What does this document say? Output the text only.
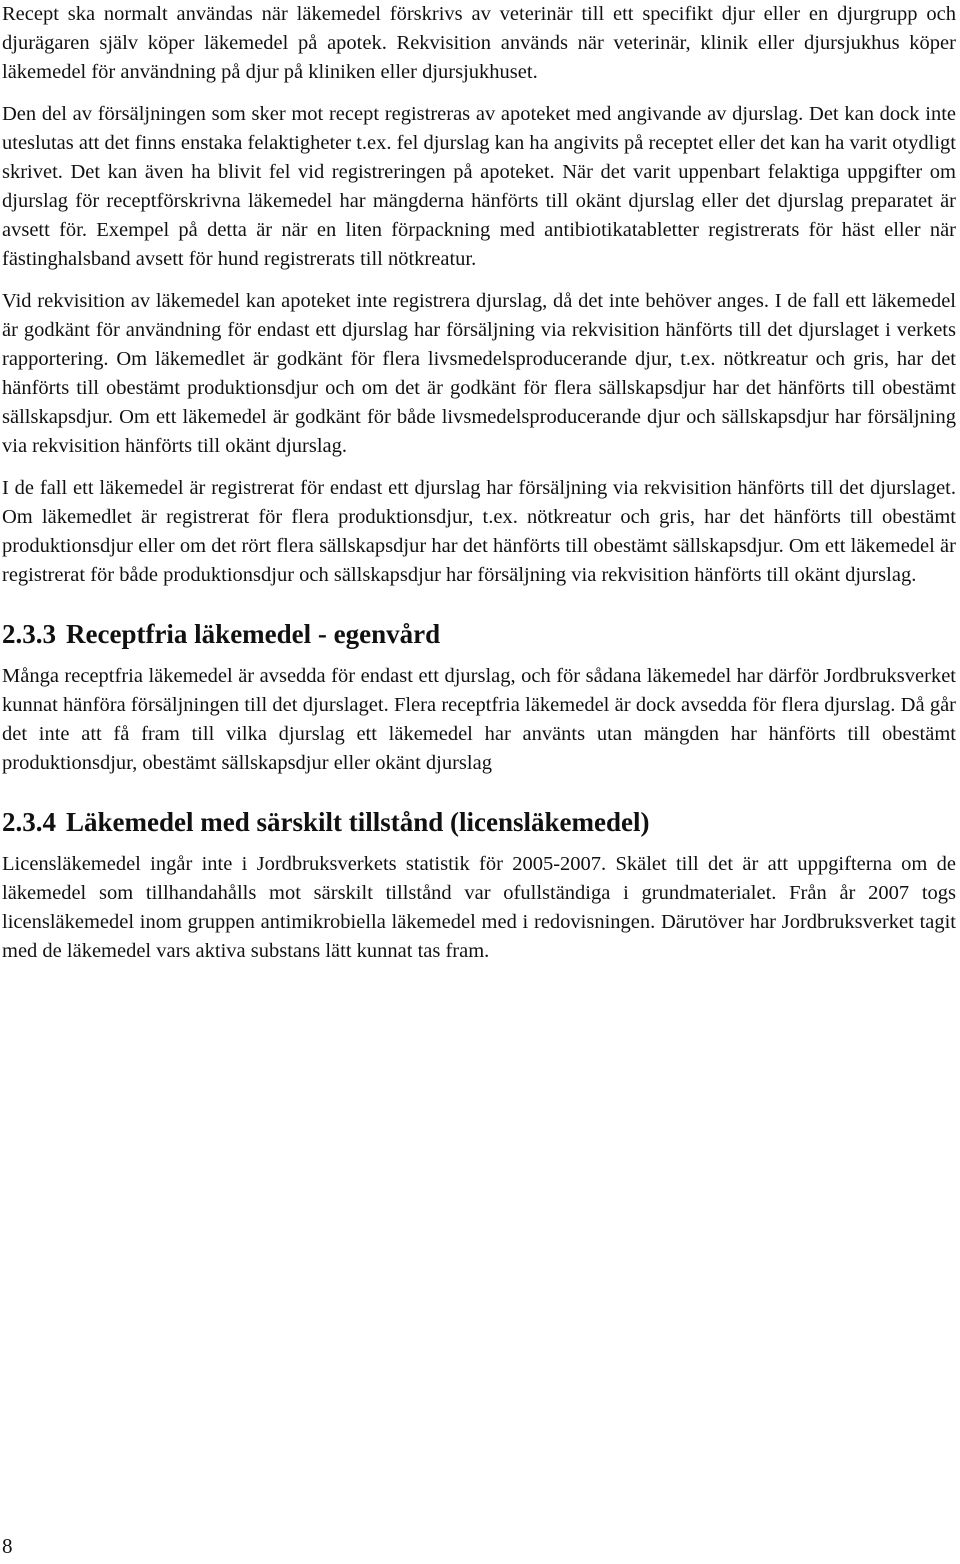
Recept ska normalt användas när läkemedel förskrivs av veterinär till ett specifikt djur eller en djurgrupp och djurägaren själv köper läkemedel på apotek. Rekvisition används när veterinär, klinik eller djursjukhus köper läkemedel för användning på djur på kliniken eller djursjukhuset.

Den del av försäljningen som sker mot recept registreras av apoteket med angivande av djurslag. Det kan dock inte uteslutas att det finns enstaka felaktigheter t.ex. fel djurslag kan ha angivits på receptet eller det kan ha varit otydligt skrivet. Det kan även ha blivit fel vid registreringen på apoteket. När det varit uppenbart felaktiga uppgifter om djurslag för receptförskrivna läkemedel har mängderna hänförts till okänt djurslag eller det djurslag preparatet är avsett för. Exempel på detta är när en liten förpackning med antibiotikatabletter registrerats för häst eller när fästinghalsband avsett för hund registrerats till nötkreatur.

Vid rekvisition av läkemedel kan apoteket inte registrera djurslag, då det inte behöver anges. I de fall ett läkemedel är godkänt för användning för endast ett djurslag har försäljning via rekvisition hänförts till det djurslaget i verkets rapportering. Om läkemedlet är godkänt för flera livsmedelsproducerande djur, t.ex. nötkreatur och gris, har det hänförts till obestämt produktionsdjur och om det är godkänt för flera sällskapsdjur har det hänförts till obestämt sällskapsdjur. Om ett läkemedel är godkänt för både livsmedelsproducerande djur och sällskapsdjur har försäljning via rekvisition hänförts till okänt djurslag.

I de fall ett läkemedel är registrerat för endast ett djurslag har försäljning via rekvisition hänförts till det djurslaget. Om läkemedlet är registrerat för flera produktionsdjur, t.ex. nötkreatur och gris, har det hänförts till obestämt produktionsdjur eller om det rört flera sällskapsdjur har det hänförts till obestämt sällskapsdjur. Om ett läkemedel är registrerat för både produktionsdjur och sällskapsdjur har försäljning via rekvisition hänförts till okänt djurslag.

2.3.3 Receptfria läkemedel - egenvård

Många receptfria läkemedel är avsedda för endast ett djurslag, och för sådana läkemedel har därför Jordbruksverket kunnat hänföra försäljningen till det djurslaget. Flera receptfria läkemedel är dock avsedda för flera djurslag. Då går det inte att få fram till vilka djurslag ett läkemedel har använts utan mängden har hänförts till obestämt produktionsdjur, obestämt sällskapsdjur eller okänt djurslag

2.3.4 Läkemedel med särskilt tillstånd (licensläkemedel)

Licensläkemedel ingår inte i Jordbruksverkets statistik för 2005-2007. Skälet till det är att uppgifterna om de läkemedel som tillhandahålls mot särskilt tillstånd var ofullständiga i grundmaterialet. Från år 2007 togs licensläkemedel inom gruppen antimikrobiella läkemedel med i redovisningen. Därutöver har Jordbruksverket tagit med de läkemedel vars aktiva substans lätt kunnat tas fram.

8
